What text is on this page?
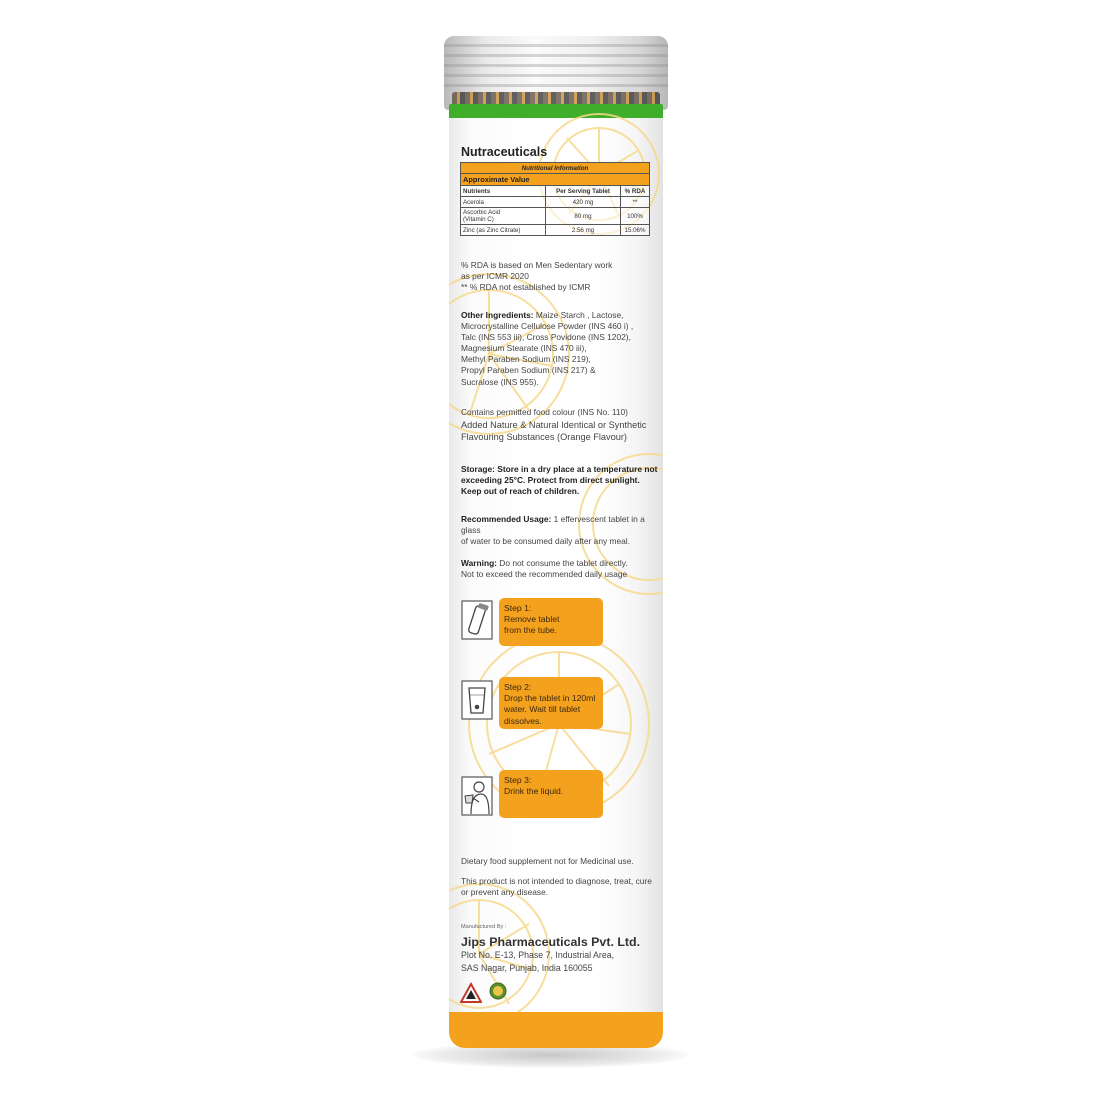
Nutraceuticals
Nutritional Information		
Approximate Value		
Nutrients	Per Serving Tablet	% RDA
Acerola	420 mg	**
Ascorbic Acid
(Vitamin C)	80 mg	100%
Zinc (as Zinc Citrate)	2.56 mg	15.06%
% RDA is based on Men Sedentary work
as per ICMR 2020
** % RDA not established by ICMR
Other Ingredients: Maize Starch , Lactose,
Microcrystalline Cellulose Powder (INS 460 i) ,
Talc (INS 553 iii), Cross Povidone (INS 1202),
Magnesium Stearate (INS 470 iii),
Methyl Paraben Sodium (INS 219),
Propyl Paraben Sodium (INS 217) &
Sucralose (INS 955).
Contains permitted food colour (INS No. 110)
Added Nature & Natural Identical or Synthetic
Flavouring Substances (Orange Flavour)
Storage: Store in a dry place at a temperature not
exceeding 25°C. Protect from direct sunlight.
Keep out of reach of children.
Recommended Usage: 1 effervescent tablet in a glass
of water to be consumed daily after any meal.
Warning: Do not consume the tablet directly.
Not to exceed the recommended daily usage
Step 1:
Remove tablet
from the tube.
Step 2:
Drop the tablet in 120ml
water. Wait till tablet
dissolves.
Step 3:
Drink the liquid.
Dietary food supplement not for Medicinal use.
This product is not intended to diagnose, treat, cure
or prevent any disease.
Manufactured By :
Jips Pharmaceuticals Pvt. Ltd.
Plot No. E-13, Phase 7, Industrial Area,
SAS Nagar, Punjab, India 160055
